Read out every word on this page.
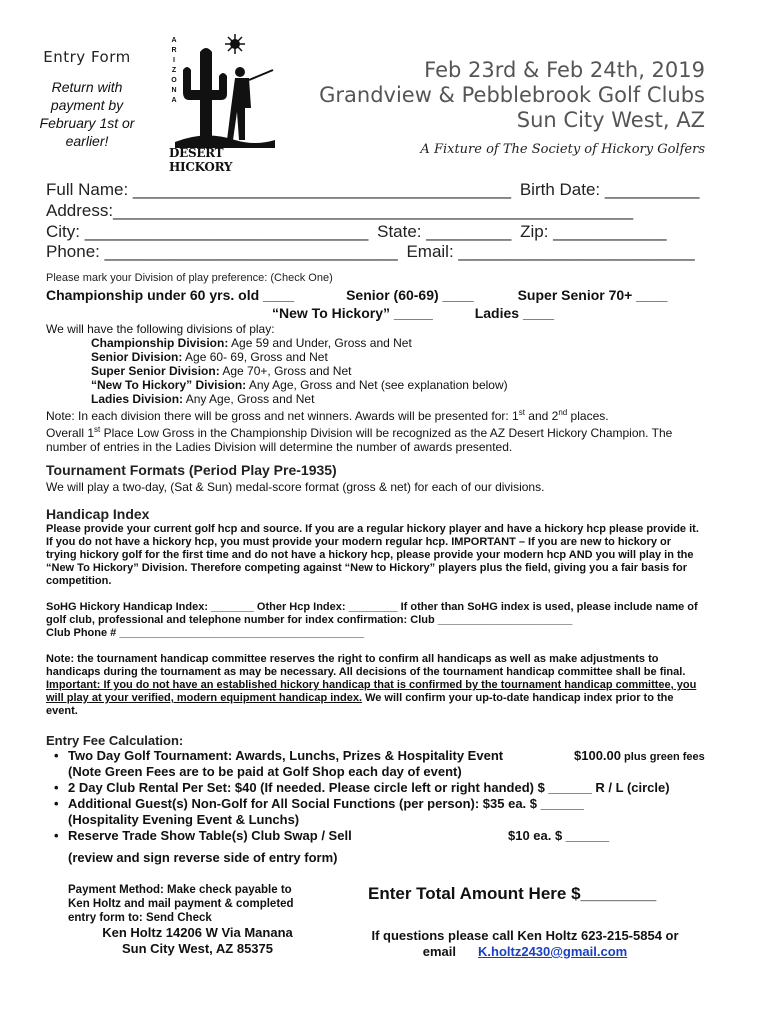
Entry Form
Return with
payment by
February 1st or
earlier!
A
R
I
Z
O
N
A
DESERT HICKORY
Feb 23rd & Feb 24th, 2019
Grandview & Pebblebrook Golf Clubs
Sun City West, AZ
A Fixture of The Society of Hickory Golfers
Full Name: ________________________________________ Birth Date: __________
Address:_______________________________________________________
City: ______________________________ State: _________ Zip: ____________
Phone: _______________________________ Email: _________________________
Please mark your Division of play preference: (Check One)
Championship under 60 yrs. old ____	Senior (60-69) ____	Super Senior 70+ ____
“New To Hickory” _____	Ladies ____
We will have the following divisions of play:
Championship Division: Age 59 and Under, Gross and Net
Senior Division: Age 60- 69, Gross and Net
Super Senior Division: Age 70+, Gross and Net
“New To Hickory” Division: Any Age, Gross and Net (see explanation below)
Ladies Division: Any Age, Gross and Net
Note: In each division there will be gross and net winners. Awards will be presented for: 1st and 2nd places.
Overall 1st Place Low Gross in the Championship Division will be recognized as the AZ Desert Hickory Champion. The
number of entries in the Ladies Division will determine the number of awards presented.
Tournament Formats (Period Play Pre-1935)
We will play a two-day, (Sat & Sun) medal-score format (gross & net) for each of our divisions.
Handicap Index
Please provide your current golf hcp and source. If you are a regular hickory player and have a hickory hcp please provide it.
If you do not have a hickory hcp, you must provide your modern regular hcp. IMPORTANT – If you are new to hickory or
trying hickory golf for the first time and do not have a hickory hcp, please provide your modern hcp AND you will play in the
“New To Hickory” Division. Therefore competing against “New to Hickory” players plus the field, giving you a fair basis for
competition.
SoHG Hickory Handicap Index: _______ Other Hcp Index: ________ If other than SoHG index is used, please include name of
golf club, professional and telephone number for index confirmation: Club ______________________
Club Phone # ________________________________________
Note: the tournament handicap committee reserves the right to confirm all handicaps as well as make adjustments to
handicaps during the tournament as may be necessary. All decisions of the tournament handicap committee shall be final.
Important: If you do not have an established hickory handicap that is confirmed by the tournament handicap committee, you
will play at your verified, modern equipment handicap index. We will confirm your up-to-date handicap index prior to the
event.
Entry Fee Calculation:
• Two Day Golf Tournament: Awards, Lunchs, Prizes & Hospitality Event	$100.00 plus green fees
(Note Green Fees are to be paid at Golf Shop each day of event)
• 2 Day Club Rental Per Set: $40 (If needed. Please circle left or right handed) $ ______ R / L (circle)
• Additional Guest(s) Non-Golf for All Social Functions (per person): $35 ea. $ ______
(Hospitality Evening Event & Lunchs)
• Reserve Trade Show Table(s) Club Swap / Sell	$10 ea. $ ______
(review and sign reverse side of entry form)
Payment Method: Make check payable to
Ken Holtz and mail payment & completed
entry form to: Send Check
Ken Holtz 14206 W Via Manana
Sun City West, AZ 85375
Enter Total Amount Here $________
If questions please call Ken Holtz 623-215-5854 or
email K.holtz2430@gmail.com
